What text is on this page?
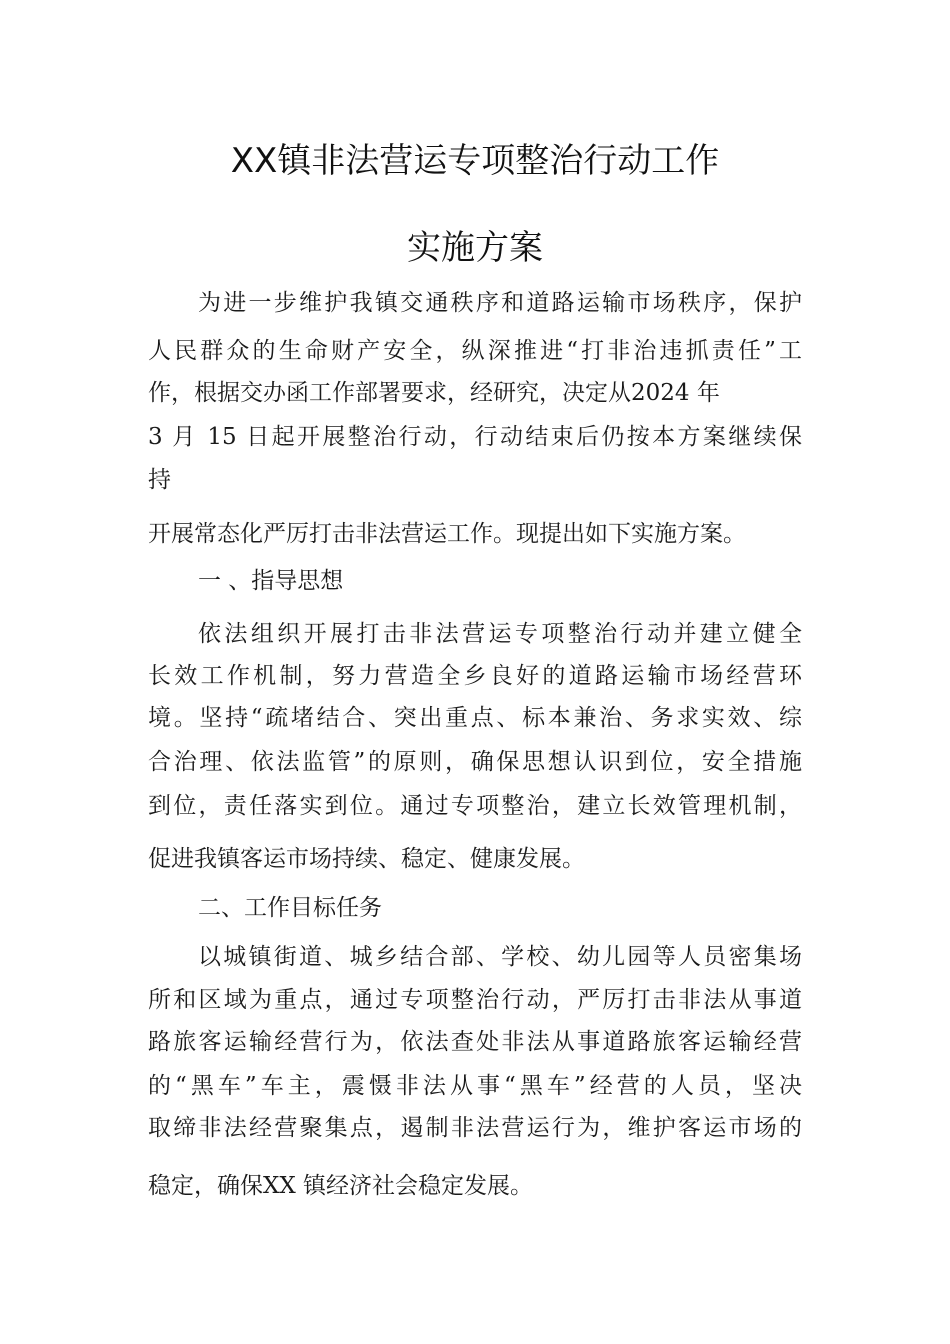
XX镇非法营运专项整治行动工作
实施方案
为进一步维护我镇交通秩序和道路运输市场秩序，保护
人民群众的生命财产安全，纵深推进“打非治违抓责任”工
作，根据交办函工作部署要求，经研究，决定从2024 年
3 月 15 日起开展整治行动，行动结束后仍按本方案继续保
持
开展常态化严厉打击非法营运工作。现提出如下实施方案。
一 、指导思想
依法组织开展打击非法营运专项整治行动并建立健全
长效工作机制，努力营造全乡良好的道路运输市场经营环
境。坚持“疏堵结合、突出重点、标本兼治、务求实效、综
合治理、依法监管”的原则，确保思想认识到位，安全措施
到位，责任落实到位。通过专项整治，建立长效管理机制，
促进我镇客运市场持续、稳定、健康发展。
二、工作目标任务
以城镇街道、城乡结合部、学校、幼儿园等人员密集场
所和区域为重点，通过专项整治行动，严厉打击非法从事道
路旅客运输经营行为，依法查处非法从事道路旅客运输经营
的“黑车”车主，震慑非法从事“黑车”经营的人员，坚决
取缔非法经营聚集点，遏制非法营运行为，维护客运市场的
稳定，确保XX 镇经济社会稳定发展。
